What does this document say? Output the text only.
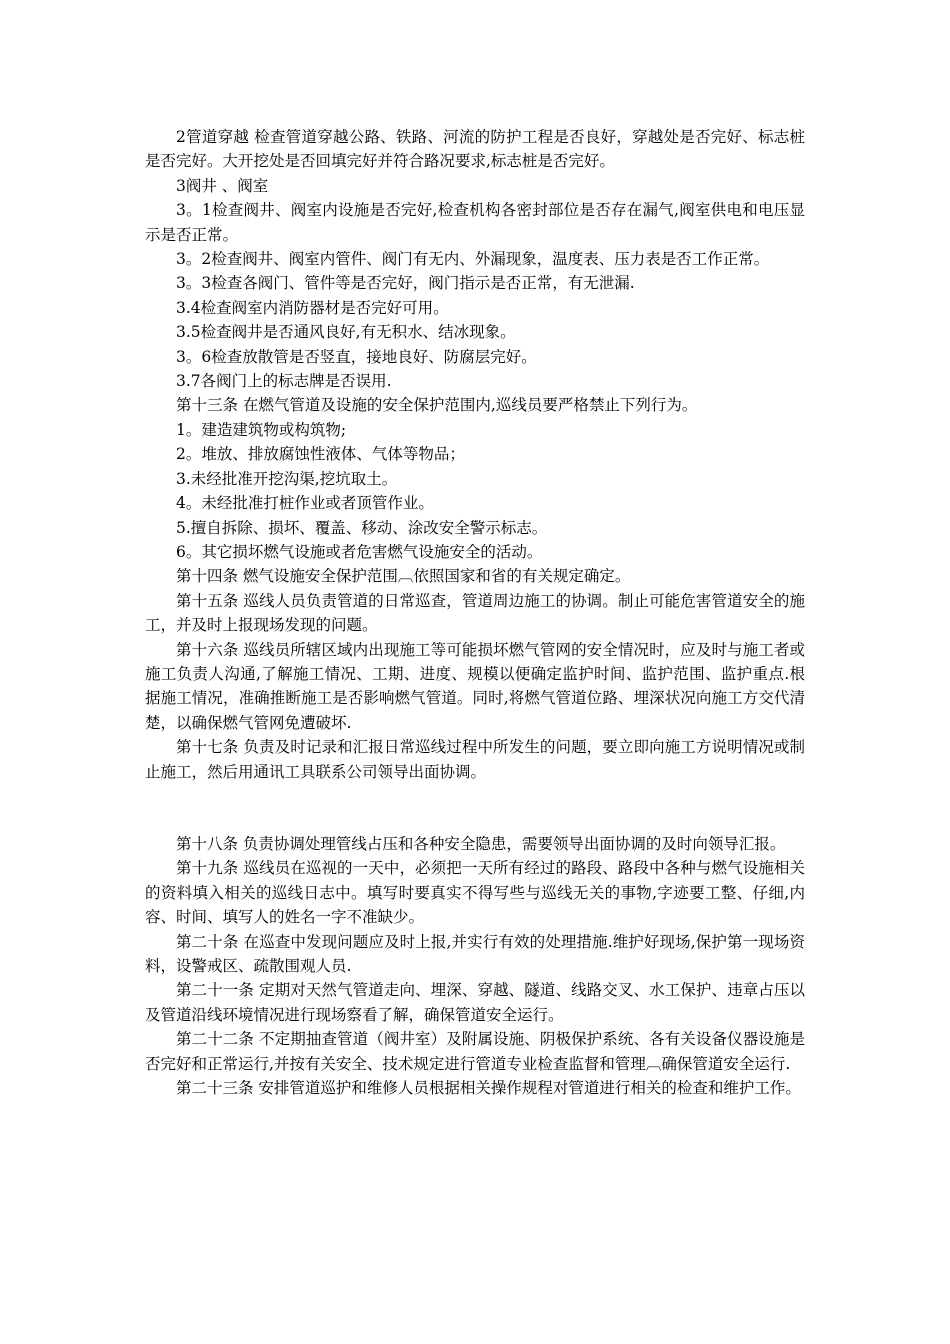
2管道穿越 检查管道穿越公路、铁路、河流的防护工程是否良好，穿越处是否完好、标志桩是否完好。大开挖处是否回填完好并符合路况要求,标志桩是否完好。

3阀井 、阀室

3。1检查阀井、阀室内设施是否完好,检查机构各密封部位是否存在漏气,阀室供电和电压显示是否正常。

3。2检查阀井、阀室内管件、阀门有无内、外漏现象，温度表、压力表是否工作正常。

3。3检查各阀门、管件等是否完好，阀门指示是否正常，有无泄漏.

3.4检查阀室内消防器材是否完好可用。

3.5检查阀井是否通风良好,有无积水、结冰现象。

3。6检查放散管是否竖直，接地良好、防腐层完好。

3.7各阀门上的标志牌是否误用.

第十三条 在燃气管道及设施的安全保护范围内,巡线员要严格禁止下列行为。

1。建造建筑物或构筑物;

2。堆放、排放腐蚀性液体、气体等物品；

3.未经批准开挖沟渠,挖坑取土。

4。未经批准打桩作业或者顶管作业。

5.擅自拆除、损坏、覆盖、移动、涂改安全警示标志。

6。其它损坏燃气设施或者危害燃气设施安全的活动。

第十四条 燃气设施安全保护范围︹依照国家和省的有关规定确定。

第十五条 巡线人员负责管道的日常巡查，管道周边施工的协调。制止可能危害管道安全的施工，并及时上报现场发现的问题。

第十六条 巡线员所辖区域内出现施工等可能损坏燃气管网的安全情况时，应及时与施工者或施工负责人沟通,了解施工情况、工期、进度、规模以便确定监护时间、监护范围、监护重点.根据施工情况，准确推断施工是否影响燃气管道。同时,将燃气管道位路、埋深状况向施工方交代清楚，以确保燃气管网免遭破坏.

第十七条 负责及时记录和汇报日常巡线过程中所发生的问题，要立即向施工方说明情况或制止施工，然后用通讯工具联系公司领导出面协调。

第十八条 负责协调处理管线占压和各种安全隐患，需要领导出面协调的及时向领导汇报。

第十九条 巡线员在巡视的一天中，必须把一天所有经过的路段、路段中各种与燃气设施相关的资料填入相关的巡线日志中。填写时要真实不得写些与巡线无关的事物,字迹要工整、仔细,内容、时间、填写人的姓名一字不准缺少。

第二十条 在巡查中发现问题应及时上报,并实行有效的处理措施.维护好现场,保护第一现场资料，设警戒区、疏散围观人员.

第二十一条 定期对天然气管道走向、埋深、穿越、隧道、线路交叉、水工保护、违章占压以及管道沿线环境情况进行现场察看了解，确保管道安全运行。

第二十二条 不定期抽查管道（阀井室）及附属设施、阴极保护系统、各有关设备仪器设施是否完好和正常运行,并按有关安全、技术规定进行管道专业检查监督和管理︹确保管道安全运行.

第二十三条 安排管道巡护和维修人员根据相关操作规程对管道进行相关的检查和维护工作。
